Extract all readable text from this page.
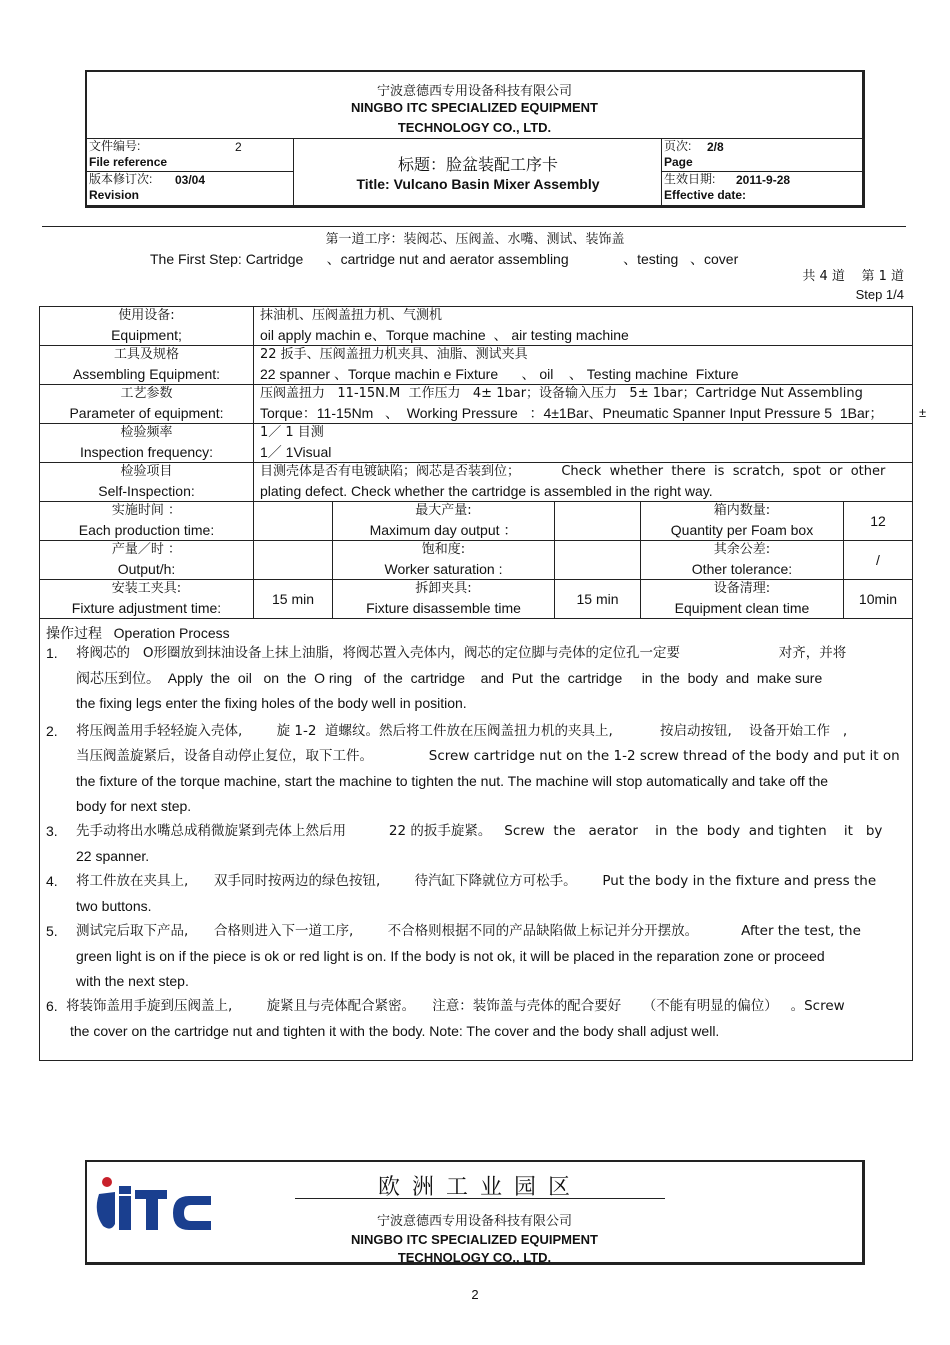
宁波意德西专用设备科技有限公司
NINGBO ITC SPECIALIZED EQUIPMENT
TECHNOLOGY CO., LTD.
文件编号:	2
File reference
版本修订次: 03/04
Revision
标题：脸盆装配工序卡
Title: Vulcano Basin Mixer Assembly
页次: 2/8
Page
生效日期: 2011-9-28
Effective date:
第一道工序：装阀芯、压阀盖、水嘴、测试、装饰盖
The First Step: Cartridge      、cartridge nut and aerator assembling              、testing   、cover
共 4 道    第 1 道
Step 1/4
±
使用设备:
Equipment;
抹油机、压阀盖扭力机、气测机
oil apply machin e、Torque machine  、 air testing machine
工具及规格
Assembling Equipment:
22 扳手、压阀盖扭力机夹具、油脂、测试夹具
22 spanner 、Torque machin e Fixture      、 oil    、 Testing machine  Fixture
工艺参数
Parameter of equipment:
压阀盖扭力   11-15N.M  工作压力   4± 1bar；设备输入压力   5± 1bar；Cartridge Nut Assembling
Torque：11-15Nm   、  Working Pressure   ：4±1Bar、Pneumatic Spanner Input Pressure 5  1Bar；
检验频率
Inspection frequency:
1／ 1 目测
1／ 1Visual
检验项目
Self-Inspection:
目测壳体是否有电镀缺陷；阀芯是否装到位；          Check  whether  there  is  scratch,  spot  or  other
plating defect. Check whether the cartridge is assembled in the right way.
实施时间 ：
Each production time:
最大产量:
Maximum day output ：
箱内数量:
Quantity per Foam box
12
产量／时 ：
Output/h:
饱和度:
Worker saturation :
其余公差:
Other tolerance:
/
安装工夹具:
Fixture adjustment time:
15 min
拆卸夹具:
Fixture disassemble time
15 min
设备清理:
Equipment clean time
10min
操作过程   Operation Process
1. 将阀芯的   O形圈放到抹油设备上抹上油脂，将阀芯置入壳体内，阀芯的定位脚与壳体的定位孔一定要                       对齐，并将
阀芯压到位。  Apply  the  oil   on  the  O ring   of  the  cartridge    and  Put  the  cartridge     in  the  body  and  make sure
the fixing legs enter the fixing holes of the body well in position.
2. 将压阀盖用手轻轻旋入壳体,        旋 1-2  道螺纹。然后将工件放在压阀盖扭力机的夹具上,           按启动按钮,    设备开始工作   ,
当压阀盖旋紧后，设备自动停止复位，取下工件。             Screw cartridge nut on the 1-2 screw thread of the body and put it on
the fixture of the torque machine, start the machine to tighten the nut. The machine will stop automatically and take off the
body for next step.
3. 先手动将出水嘴总成稍微旋紧到壳体上然后用          22 的扳手旋紧。   Screw  the   aerator    in  the  body  and tighten    it   by
22 spanner.
4. 将工件放在夹具上,      双手同时按两边的绿色按钮,        待汽缸下降就位方可松手。      Put the body in the fixture and press the
two buttons.
5. 测试完后取下产品,      合格则进入下一道工序,        不合格则根据不同的产品缺陷做上标记并分开摆放。          After the test, the
green light is on if the piece is ok or red light is on. If the body is not ok, it will be placed in the reparation zone or proceed
with the next step.
6. 将装饰盖用手旋到压阀盖上,        旋紧且与壳体配合紧密。    注意：装饰盖与壳体的配合要好     （不能有明显的偏位）   。Screw
the cover on the cartridge nut and tighten it with the body. Note: The cover and the body shall adjust well.
欧洲工业园区
宁波意德西专用设备科技有限公司
NINGBO ITC SPECIALIZED EQUIPMENT
TECHNOLOGY CO., LTD.
2
